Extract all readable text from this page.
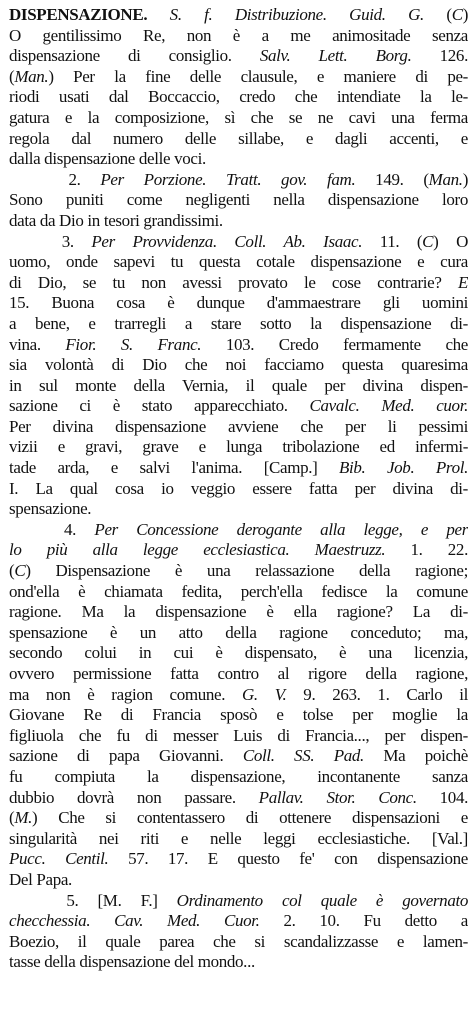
DISPENSAZIONE. S. f. Distribuzione. Guid. G. (C)
O gentilissimo Re, non è a me animositade senza
dispensazione di consiglio. Salv. Lett. Borg. 126.
(Man.) Per la fine delle clausule, e maniere di pe-
riodi usati dal Boccaccio, credo che intendiate la le-
gatura e la composizione, sì che se ne cavi una ferma
regola dal numero delle sillabe, e dagli accenti, e
dalla dispensazione delle voci.
2. Per Porzione. Tratt. gov. fam. 149. (Man.)
Sono puniti come negligenti nella dispensazione loro
data da Dio in tesori grandissimi.
3. Per Provvidenza. Coll. Ab. Isaac. 11. (C) O
uomo, onde sapevi tu questa cotale dispensazione e cura
di Dio, se tu non avessi provato le cose contrarie? E
15. Buona cosa è dunque d'ammaestrare gli uomini
a bene, e trarregli a stare sotto la dispensazione di-
vina. Fior. S. Franc. 103. Credo fermamente che
sia volontà di Dio che noi facciamo questa quaresima
in sul monte della Vernia, il quale per divina dispen-
sazione ci è stato apparecchiato. Cavalc. Med. cuor.
Per divina dispensazione avviene che per li pessimi
vizii e gravi, grave e lunga tribolazione ed infermi-
tade arda, e salvi l'anima. [Camp.] Bib. Job. Prol.
I. La qual cosa io veggio essere fatta per divina di-
spensazione.
4. Per Concessione derogante alla legge, e per
lo più alla legge ecclesiastica. Maestruzz. 1. 22.
(C) Dispensazione è una relassazione della ragione;
ond'ella è chiamata fedita, perch'ella fedisce la comune
ragione. Ma la dispensazione è ella ragione? La di-
spensazione è un atto della ragione conceduto; ma,
secondo colui in cui è dispensato, è una licenzia,
ovvero permissione fatta contro al rigore della ragione,
ma non è ragion comune. G. V. 9. 263. 1. Carlo il
Giovane Re di Francia sposò e tolse per moglie la
figliuola che fu di messer Luis di Francia..., per dispen-
sazione di papa Giovanni. Coll. SS. Pad. Ma poichè
fu compiuta la dispensazione, incontanente sanza
dubbio dovrà non passare. Pallav. Stor. Conc. 104.
(M.) Che si contentassero di ottenere dispensazioni e
singularità nei riti e nelle leggi ecclesiastiche. [Val.]
Pucc. Centil. 57. 17. E questo fe' con dispensazione
Del Papa.
5. [M. F.] Ordinamento col quale è governato
checchessia. Cav. Med. Cuor. 2. 10. Fu detto a
Boezio, il quale parea che si scandalizzasse e lamen-
tasse della dispensazione del mondo...
